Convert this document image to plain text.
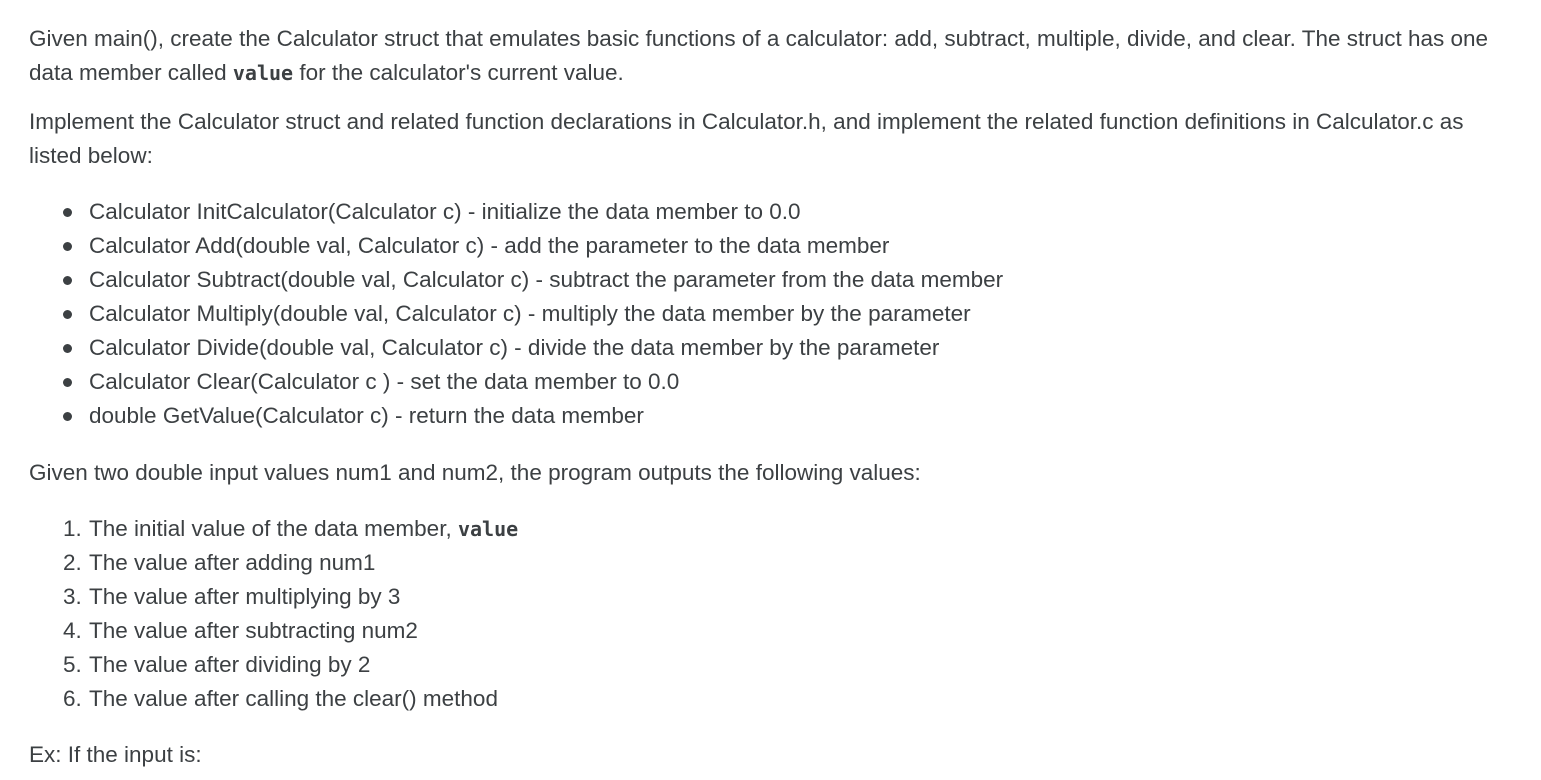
Given main(), create the Calculator struct that emulates basic functions of a calculator: add, subtract, multiple, divide, and clear. The struct has one data member called value for the calculator's current value.

Implement the Calculator struct and related function declarations in Calculator.h, and implement the related function definitions in Calculator.c as listed below:

Calculator InitCalculator(Calculator c) - initialize the data member to 0.0
Calculator Add(double val, Calculator c) - add the parameter to the data member
Calculator Subtract(double val, Calculator c) - subtract the parameter from the data member
Calculator Multiply(double val, Calculator c) - multiply the data member by the parameter
Calculator Divide(double val, Calculator c) - divide the data member by the parameter
Calculator Clear(Calculator c ) - set the data member to 0.0
double GetValue(Calculator c) - return the data member

Given two double input values num1 and num2, the program outputs the following values:

1. The initial value of the data member, value
2. The value after adding num1
3. The value after multiplying by 3
4. The value after subtracting num2
5. The value after dividing by 2
6. The value after calling the clear() method

Ex: If the input is:
